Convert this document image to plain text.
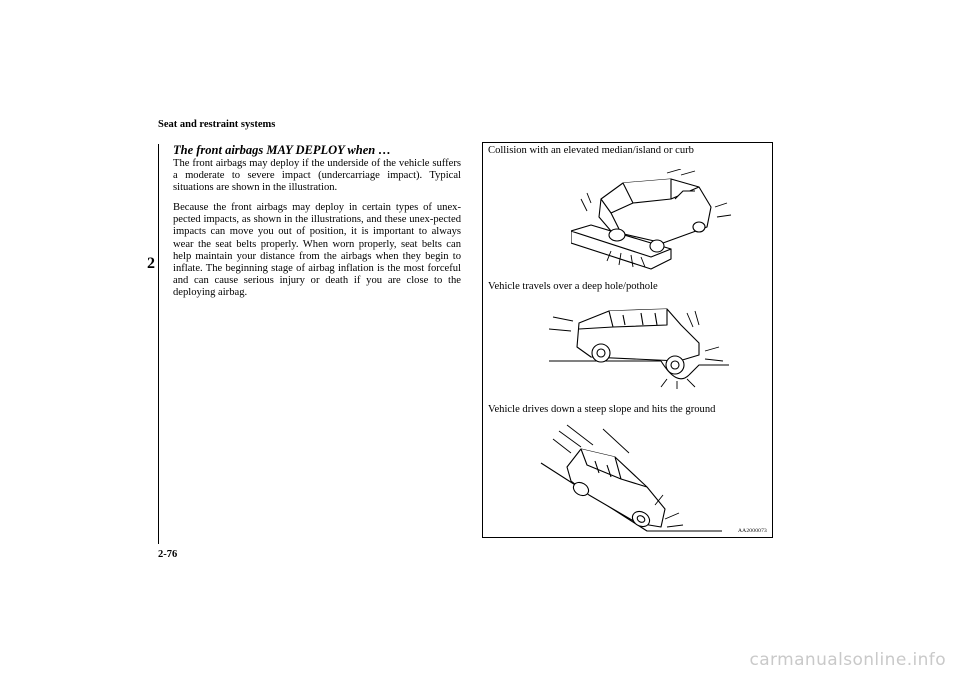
Seat and restraint systems
2
The front airbags MAY DEPLOY when …

The front airbags may deploy if the underside of the vehicle suffers a moderate to severe impact (undercarriage impact). Typical situations are shown in the illustration.

Because the front airbags may deploy in certain types of unex-pected impacts, as shown in the illustrations, and these unex-pected impacts can move you out of position, it is important to always wear the seat belts properly. When worn properly, seat belts can help maintain your distance from the airbags when they begin to inflate. The beginning stage of airbag inflation is the most forceful and can cause serious injury or death if you are close to the deploying airbag.

Collision with an elevated median/island or curb
Vehicle travels over a deep hole/pothole
Vehicle drives down a steep slope and hits the ground
AA2000073
2-76
carmanualsonline.info
